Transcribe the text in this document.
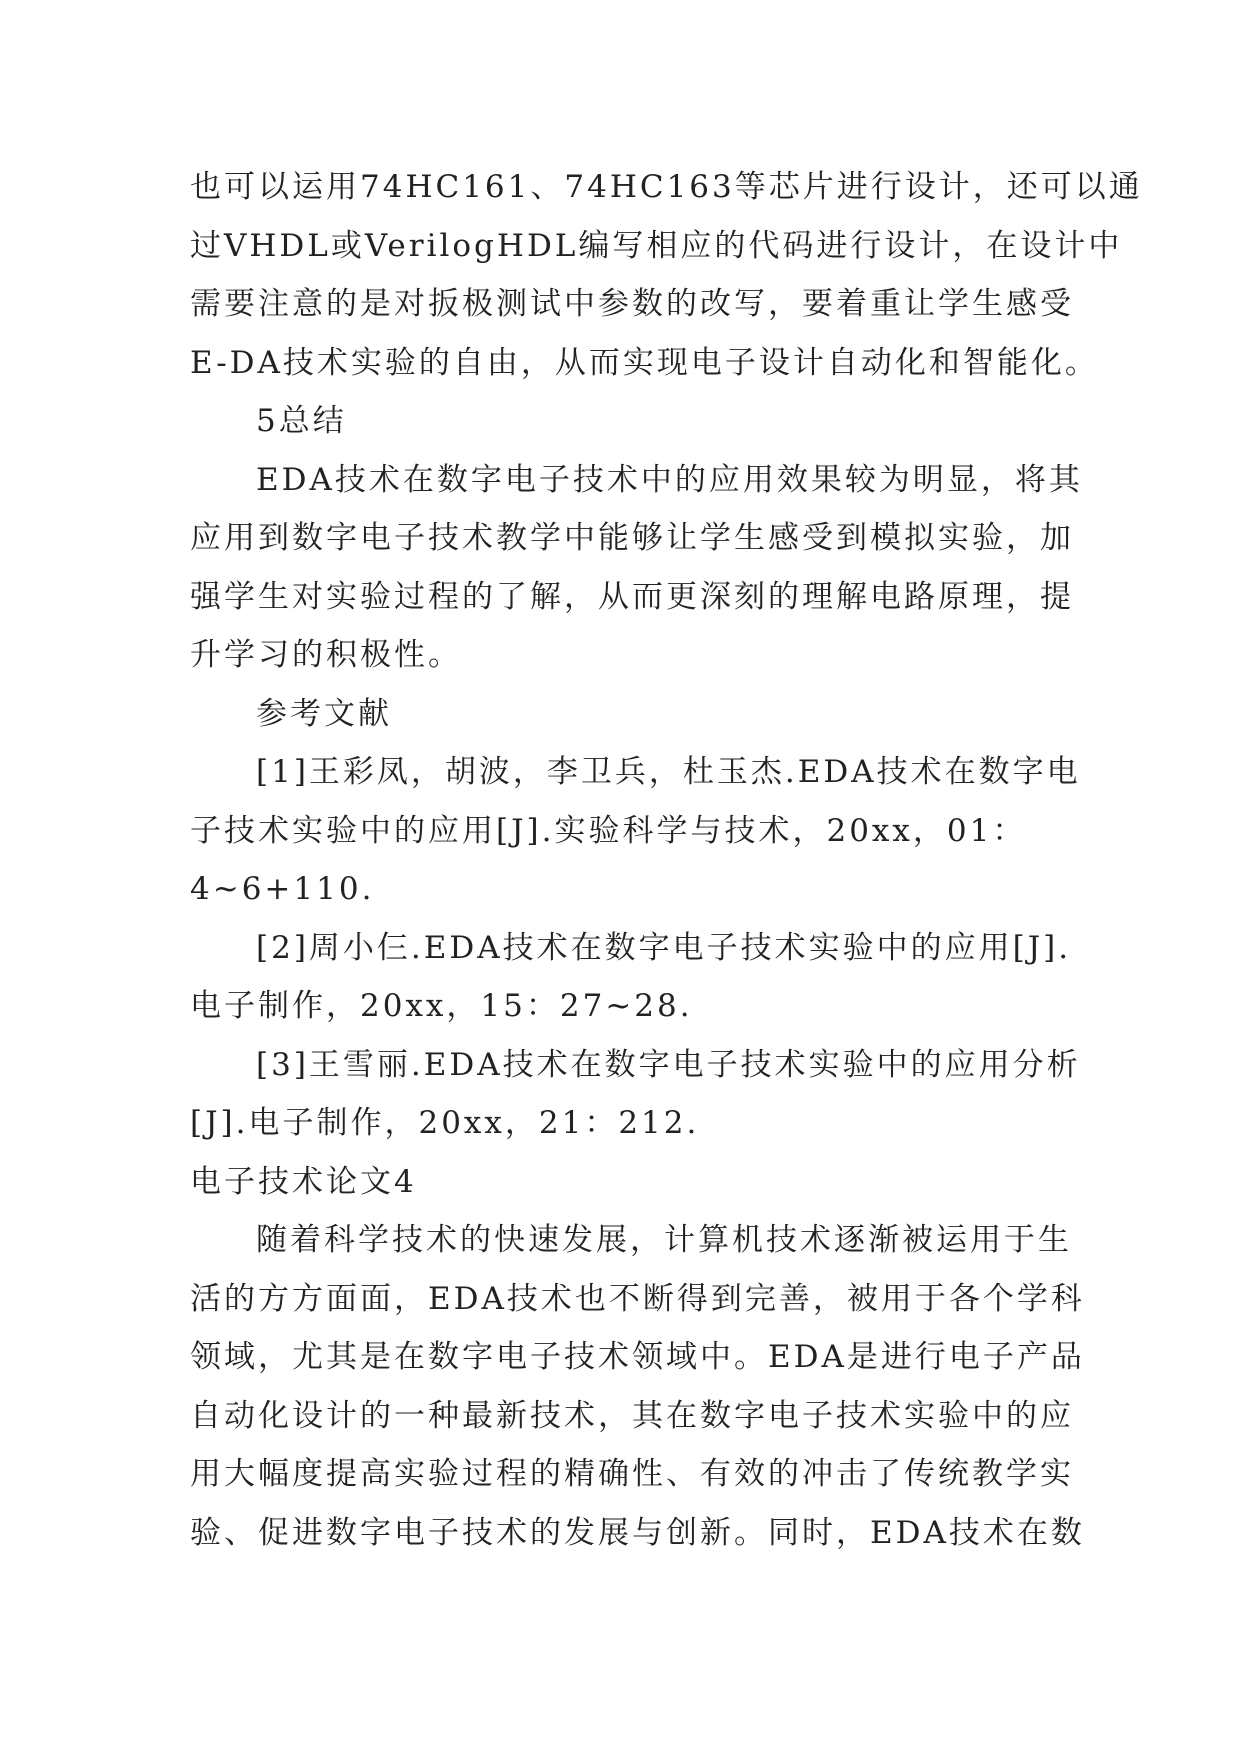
也可以运用74HC161、74HC163等芯片进行设计，还可以通
过VHDL或VerilogHDL编写相应的代码进行设计，在设计中
需要注意的是对扳极测试中参数的改写，要着重让学生感受
E-DA技术实验的自由，从而实现电子设计自动化和智能化。
5总结
EDA技术在数字电子技术中的应用效果较为明显，将其
应用到数字电子技术教学中能够让学生感受到模拟实验，加
强学生对实验过程的了解，从而更深刻的理解电路原理，提
升学习的积极性。
参考文献
[1]王彩凤，胡波，李卫兵，杜玉杰.EDA技术在数字电
子技术实验中的应用[J].实验科学与技术，20xx，01：
4~6+110.
[2]周小仨.EDA技术在数字电子技术实验中的应用[J].
电子制作，20xx，15：27~28.
[3]王雪丽.EDA技术在数字电子技术实验中的应用分析
[J].电子制作，20xx，21：212.
电子技术论文4
随着科学技术的快速发展，计算机技术逐渐被运用于生
活的方方面面，EDA技术也不断得到完善，被用于各个学科
领域，尤其是在数字电子技术领域中。EDA是进行电子产品
自动化设计的一种最新技术，其在数字电子技术实验中的应
用大幅度提高实验过程的精确性、有效的冲击了传统教学实
验、促进数字电子技术的发展与创新。同时，EDA技术在数
